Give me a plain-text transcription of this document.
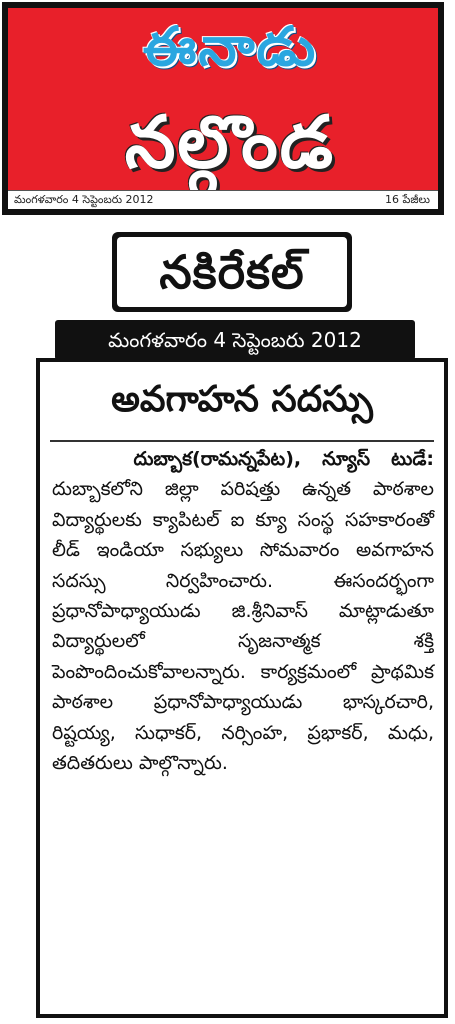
ఈనాడు
నల్గొండ
మంగళవారం 4 సెప్టెంబరు 2012	16 పేజీలు
నకిరేకల్
మంగళవారం 4 సెప్టెంబరు 2012
అవగాహన సదస్సు
దుబ్బాక(రామన్నపేట), న్యూస్ టుడే: దుబ్బాకలోని జిల్లా పరిషత్తు ఉన్నత పాఠశాల విద్యార్థులకు క్యాపిటల్ ఐ క్యూ సంస్థ సహకారంతో లీడ్ ఇండియా సభ్యులు సోమవారం అవగాహన సదస్సు నిర్వహించారు. ఈసందర్భంగా ప్రధానోపాధ్యాయుడు జి.శ్రీనివాస్ మాట్లాడుతూ విద్యార్థులలో సృజనాత్మక శక్తి పెంపొందించుకోవాలన్నారు. కార్యక్రమంలో ప్రాథమిక పాఠశాల ప్రధానోపాధ్యాయుడు భాస్కరచారి, రిష్టయ్య, సుధాకర్, నర్సింహ, ప్రభాకర్, మధు, తదితరులు పాల్గొన్నారు.
